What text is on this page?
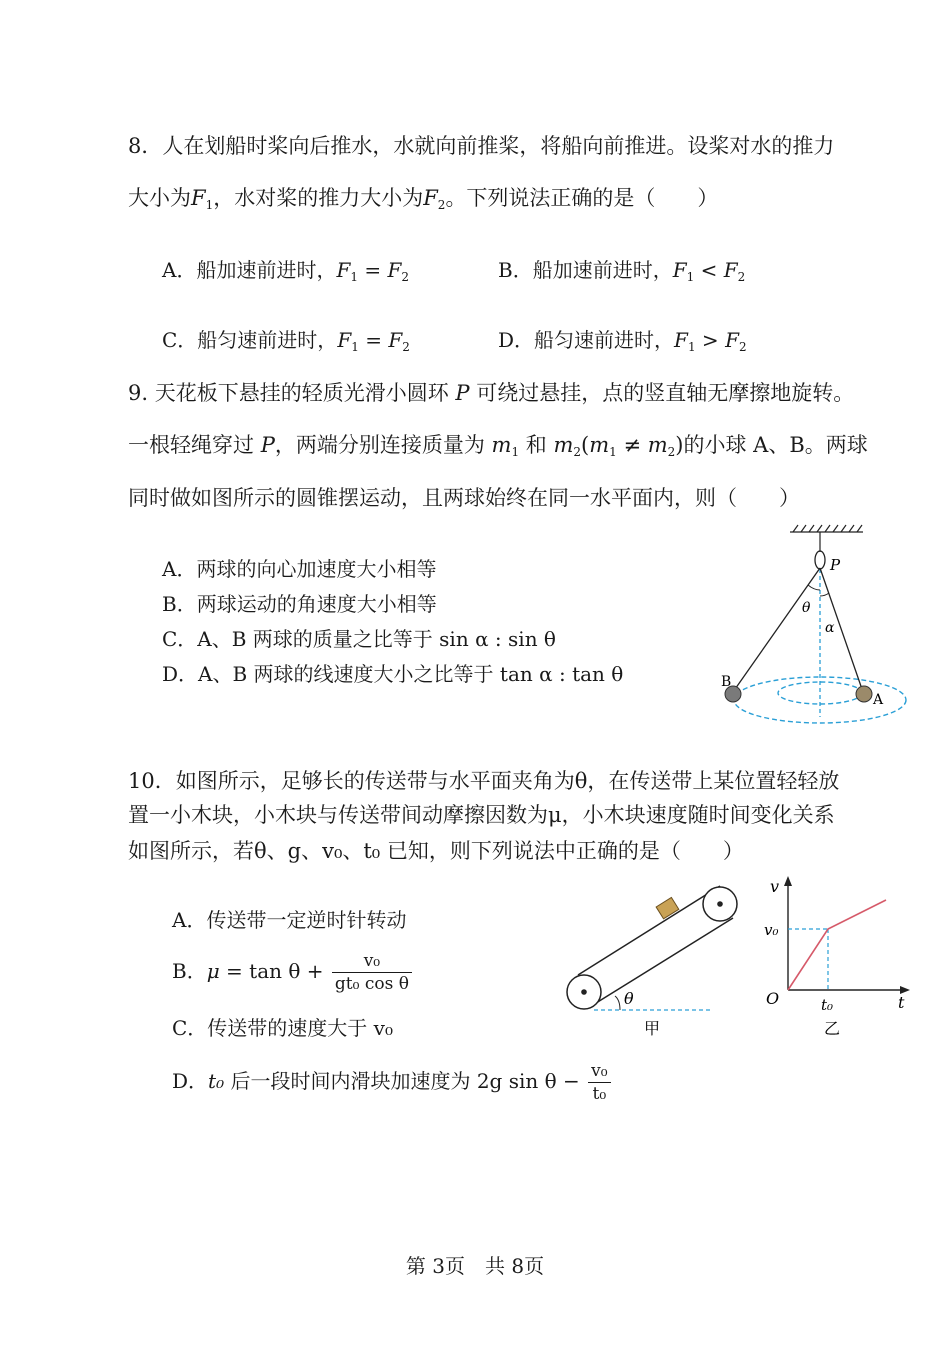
8．人在划船时桨向后推水，水就向前推桨，将船向前推进。设桨对水的推力
大小为$F_1$，水对桨的推力大小为$F_2$。下列说法正确的是（　　）
A．船加速前进时，$F_1 = F_2$	B．船加速前进时，$F_1 < F_2$
C．船匀速前进时，$F_1 = F_2$	D．船匀速前进时，$F_1 > F_2$
9. 天花板下悬挂的轻质光滑小圆环 P 可绕过悬挂，点的竖直轴无摩擦地旋转。
一根轻绳穿过 P，两端分别连接质量为 $m_1$ 和 $m_2(m_1 \ne m_2)$的小球 A、B。两球
同时做如图所示的圆锥摆运动，且两球始终在同一水平面内，则（　　）
A．两球的向心加速度大小相等
B．两球运动的角速度大小相等
C．A、B 两球的质量之比等于 sin α : sin θ
D．A、B 两球的线速度大小之比等于 tan α : tan θ
P
θ
α
B
A
10．如图所示，足够长的传送带与水平面夹角为θ，在传送带上某位置轻轻放
置一小木块，小木块与传送带间动摩擦因数为μ，小木块速度随时间变化关系
如图所示，若θ、g、v₀、t₀ 已知，则下列说法中正确的是（　　）
A．传送带一定逆时针转动
B．$\mu = \tan \theta + \frac{\text{v₀}}{\text{gt₀ cos θ}}$
C．传送带的速度大于 v₀
D．t₀ 后一段时间内滑块加速度为 2g $\sin \theta - \frac{\text{v₀}}{\text{t₀}}$
θ
甲
v
v₀
O	t₀	t
乙
第 3页　共 8页
